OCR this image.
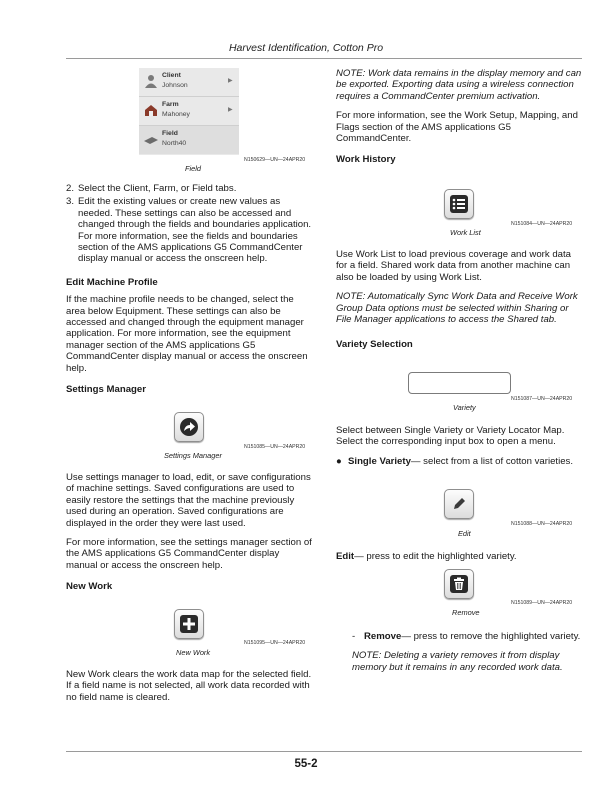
Harvest Identification, Cotton Pro
Client
Johnson
▶
Farm
Mahoney
▶
Field
North40
N150629—UN—24APR20
Field
2. Select the Client, Farm, or Field tabs.
3. Edit the existing values or create new values as needed. These settings can also be accessed and changed through the fields and boundaries application. For more information, see the fields and boundaries section of the AMS applications G5 CommandCenter display manual or access the onscreen help.
Edit Machine Profile

If the machine profile needs to be changed, select the area below Equipment. These settings can also be accessed and changed through the equipment manager application. For more information, see the equipment manager section of the AMS applications G5 CommandCenter display manual or access the onscreen help.

Settings Manager
N151085—UN—24APR20
Settings Manager

Use settings manager to load, edit, or save configurations of machine settings. Saved configurations are used to easily restore the settings that the machine previously used during an operation. Saved configurations are displayed in the order they were last used.

For more information, see the settings manager section of the AMS applications G5 CommandCenter display manual or access the onscreen help.

New Work
N151095—UN—24APR20
New Work

New Work clears the work data map for the selected field. If a field name is not selected, all work data recorded with no field name is cleared.

NOTE: Work data remains in the display memory and can be exported. Exporting data using a wireless connection requires a CommandCenter premium activation.

For more information, see the Work Setup, Mapping, and Flags section of the AMS applications G5 CommandCenter.

Work History
N151084—UN—24APR20
Work List

Use Work List to load previous coverage and work data for a field. Shared work data from another machine can also be loaded by using Work List.

NOTE: Automatically Sync Work Data and Receive Work Group Data options must be selected within Sharing or File Manager applications to access the Shared tab.

Variety Selection
N151087—UN—24APR20
Variety

Select between Single Variety or Variety Locator Map. Select the corresponding input box to open a menu.

● Single Variety— select from a list of cotton varieties.

N151088—UN—24APR20
Edit

Edit— press to edit the highlighted variety.

N151089—UN—24APR20
Remove

- Remove— press to remove the highlighted variety.

NOTE: Deleting a variety removes it from display memory but it remains in any recorded work data.

55-2
